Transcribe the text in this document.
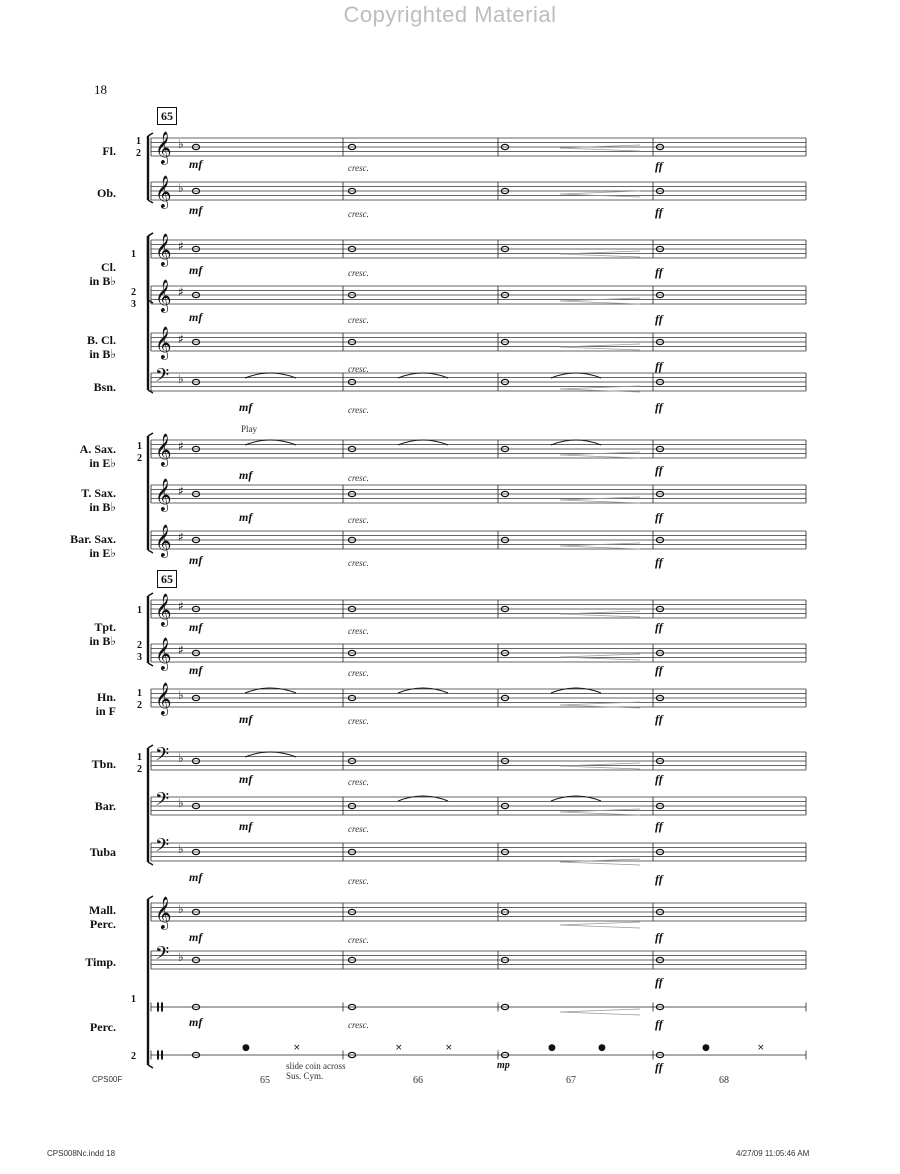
𝄞 ♭
𝄞 ♭
𝄞 ♯
𝄞 ♯
𝄞 ♯
𝄢 ♭
𝄞 ♯
𝄞 ♯
𝄞 ♯
𝄞 ♯
𝄞 ♯
𝄞 ♭
𝄢 ♭
𝄢 ♭
𝄢 ♭
𝄞 ♭
𝄢 ♭
●	×	×	×	●	●	●	×
Copyrighted Material
18
65
65
Fl.
Ob.
Cl.
in B♭
B. Cl.
in B♭
Bsn.
A. Sax.
in E♭
T. Sax.
in B♭
Bar. Sax.
in E♭
Tpt.
in B♭
Hn.
in F
Tbn.
Bar.
Tuba
Mall.
Perc.
Timp.
Perc.
1
2
1
2
3
1
2
1
2
3
1
2
1
2
1
2
mf
mf
mf
mf
mf
mf
mf
mf
mf
mf
mf
mf
mf
mf
mf
mf
cresc.
cresc.
cresc.
cresc.
cresc.
cresc.
cresc.
cresc.
cresc.
cresc.
cresc.
cresc.
cresc.
cresc.
cresc.
cresc.
cresc.
ff
ff
ff
ff
ff
ff
ff
ff
ff
ff
ff
ff
ff
ff
ff
ff
ff
ff
ff
mp
Play
slide coin across
Sus. Cym.
65	66	67	68
CPS00F
CPS008Nc.indd 18	4/27/09 11:05:46 AM
